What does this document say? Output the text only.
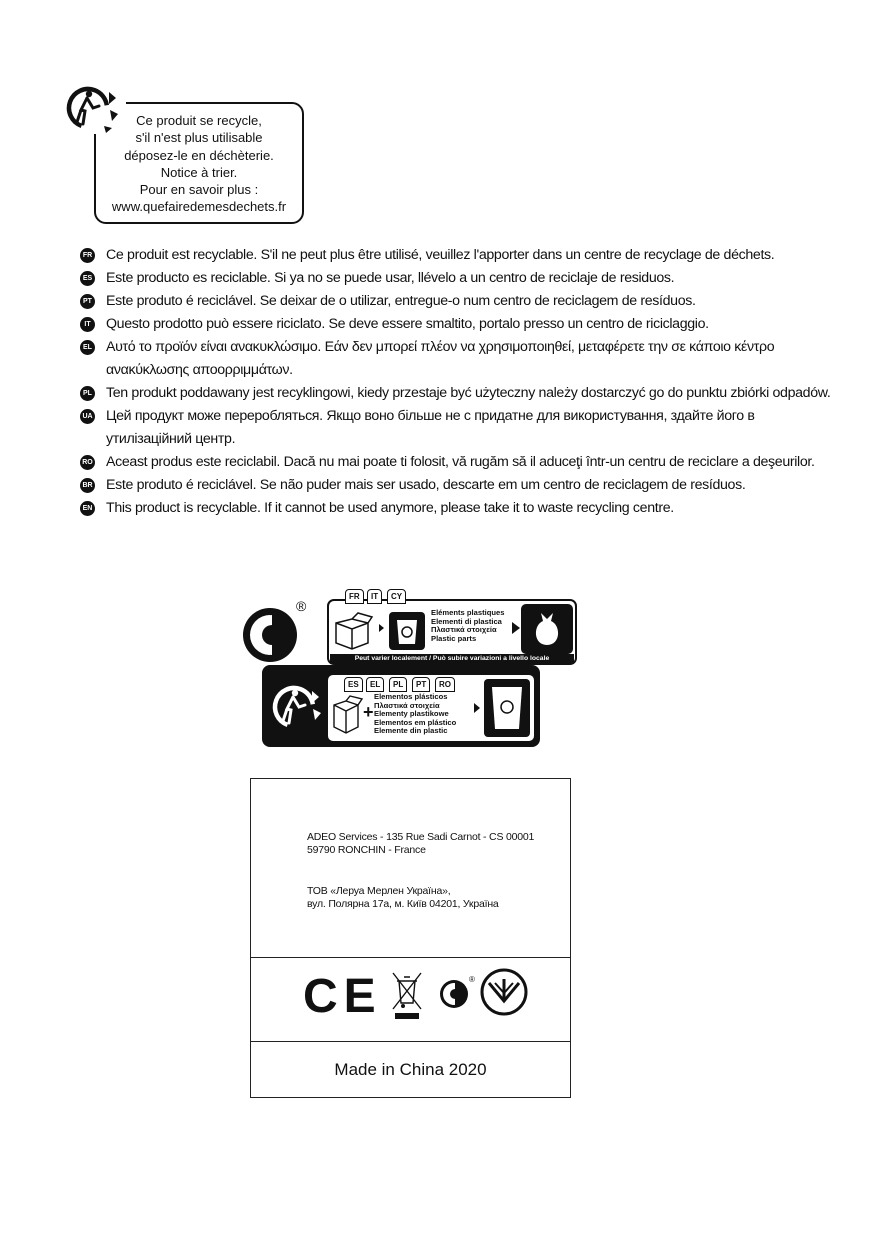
Ce produit se recycle,
s'il n'est plus utilisable
déposez-le en déchèterie.
Notice à trier.
Pour en savoir plus :
www.quefairedemesdechets.fr
FR Ce produit est recyclable. S'il ne peut plus être utilisé, veuillez l'apporter dans un centre de recyclage de déchets.
ES Este producto es reciclable. Si ya no se puede usar, llévelo a un centro de reciclaje de residuos.
PT Este produto é reciclável. Se deixar de o utilizar, entregue-o num centro de reciclagem de resíduos.
IT	Questo prodotto può essere riciclato. Se deve essere smaltito, portalo presso un centro de riciclaggio.
EL Αυτό το προϊόν είναι ανακυκλώσιμο. Εάν δεν μπορεί πλέον να χρησιμοποιηθεί, μεταφέρετε την σε κάποιο κέντρο ανακύκλωσης αποορριμμάτων.
PL Ten produkt poddawany jest recyklingowi, kiedy przestaje być użyteczny należy dostarczyć go do punktu zbiórki odpadów.
UA Цей продукт може переробляться. Якщо воно більше не с придатне для використування, здайте його в утилізаційний центр.
RO Aceast produs este reciclabil. Dacă nu mai poate ti folosit, vă rugăm să il aduceţi într-un centru de reciclare a deşeurilor.
BR Este produto é reciclável. Se não puder mais ser usado, descarte em um centro de reciclagem de resíduos.
EN This product is recyclable. If it cannot be used anymore, please take it to waste recycling centre.
®
FR	IT	CY
Eléments plastiques
Elementi di plastica
Πλαστικά στοιχεία
Plastic parts
Peut varier localement / Può subire variazioni a livello locale
ES	EL	PL	PT	RO
+
Elementos plásticos
Πλαστικά στοιχεία
Elementy plastikowe
Elementos em plástico
Elemente din plastic
ADEO Services - 135 Rue Sadi Carnot - CS 00001
59790 RONCHIN - France
ТОВ «Леруа Мерлен Україна»,
вул. Полярна 17а, м. Київ 04201, Україна
CE	®
Made in China 2020
